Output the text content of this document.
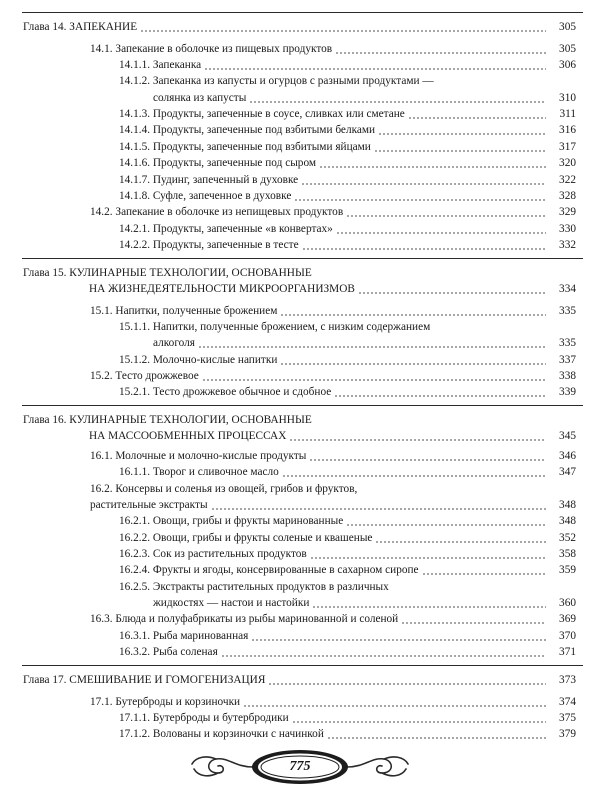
Глава 14. ЗАПЕКАНИЕ	305
14.1. Запекание в оболочке из пищевых продуктов	305
14.1.1. Запеканка	306
14.1.2. Запеканка из капусты и огурцов с разными продуктами —
солянка из капусты	310
14.1.3. Продукты, запеченные в соусе, сливках или сметане	311
14.1.4. Продукты, запеченные под взбитыми белками	316
14.1.5. Продукты, запеченные под взбитыми яйцами	317
14.1.6. Продукты, запеченные под сыром	320
14.1.7. Пудинг, запеченный в духовке	322
14.1.8. Суфле, запеченное в духовке	328
14.2. Запекание в оболочке из непищевых продуктов	329
14.2.1. Продукты, запеченные «в конвертах»	330
14.2.2. Продукты, запеченные в тесте	332
Глава 15. КУЛИНАРНЫЕ ТЕХНОЛОГИИ, ОСНОВАННЫЕ
НА ЖИЗНЕДЕЯТЕЛЬНОСТИ МИКРООРГАНИЗМОВ	334
15.1. Напитки, полученные брожением	335
15.1.1. Напитки, полученные брожением, с низким содержанием
алкоголя	335
15.1.2. Молочно-кислые напитки	337
15.2. Тесто дрожжевое	338
15.2.1. Тесто дрожжевое обычное и сдобное	339
Глава 16. КУЛИНАРНЫЕ ТЕХНОЛОГИИ, ОСНОВАННЫЕ
НА МАССООБМЕННЫХ ПРОЦЕССАХ	345
16.1. Молочные и молочно-кислые продукты	346
16.1.1. Творог и сливочное масло	347
16.2. Консервы и соленья из овощей, грибов и фруктов,
растительные экстракты	348
16.2.1. Овощи, грибы и фрукты маринованные	348
16.2.2. Овощи, грибы и фрукты соленые и квашеные	352
16.2.3. Сок из растительных продуктов	358
16.2.4. Фрукты и ягоды, консервированные в сахарном сиропе	359
16.2.5. Экстракты растительных продуктов в различных
жидкостях — настои и настойки	360
16.3. Блюда и полуфабрикаты из рыбы маринованной и соленой	369
16.3.1. Рыба маринованная	370
16.3.2. Рыба соленая	371
Глава 17. СМЕШИВАНИЕ И ГОМОГЕНИЗАЦИЯ	373
17.1. Бутерброды и корзиночки	374
17.1.1. Бутерброды и бутербродики	375
17.1.2. Волованы и корзиночки с начинкой	379
775
